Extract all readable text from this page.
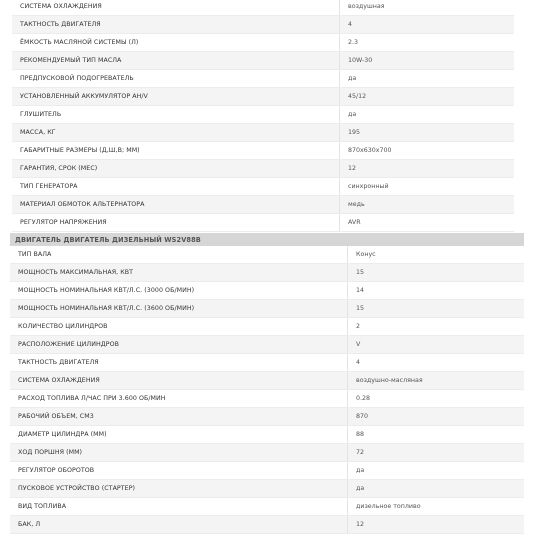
СИСТЕМА ОХЛАЖДЕНИЯ	воздушная
ТАКТНОСТЬ ДВИГАТЕЛЯ	4
ЁМКОСТЬ МАСЛЯНОЙ СИСТЕМЫ (Л)	2.3
РЕКОМЕНДУЕМЫЙ ТИП МАСЛА	10W-30
ПРЕДПУСКОВОЙ ПОДОГРЕВАТЕЛЬ	да
УСТАНОВЛЕННЫЙ АККУМУЛЯТОР АН/V	45/12
ГЛУШИТЕЛЬ	да
МАССА, КГ	195
ГАБАРИТНЫЕ РАЗМЕРЫ (Д,Ш,В; ММ)	870x630x700
ГАРАНТИЯ, СРОК (МЕС)	12
ТИП ГЕНЕРАТОРА	синхронный
МАТЕРИАЛ ОБМОТОК АЛЬТЕРНАТОРА	медь
РЕГУЛЯТОР НАПРЯЖЕНИЯ	AVR
ДВИГАТЕЛЬ ДВИГАТЕЛЬ ДИЗЕЛЬНЫЙ WS2V88B
ТИП ВАЛА	Конус
МОЩНОСТЬ МАКСИМАЛЬНАЯ, КВТ	15
МОЩНОСТЬ НОМИНАЛЬНАЯ КВТ/Л.С. (3000 ОБ/МИН)	14
МОЩНОСТЬ НОМИНАЛЬНАЯ КВТ/Л.С. (3600 ОБ/МИН)	15
КОЛИЧЕСТВО ЦИЛИНДРОВ	2
РАСПОЛОЖЕНИЕ ЦИЛИНДРОВ	V
ТАКТНОСТЬ ДВИГАТЕЛЯ	4
СИСТЕМА ОХЛАЖДЕНИЯ	воздушно-масляная
РАСХОД ТОПЛИВА Л/ЧАС ПРИ 3.600 ОБ/МИН	0.28
РАБОЧИЙ ОБЪЕМ, СМ3	870
ДИАМЕТР ЦИЛИНДРА (ММ)	88
ХОД ПОРШНЯ (ММ)	72
РЕГУЛЯТОР ОБОРОТОВ	да
ПУСКОВОЕ УСТРОЙСТВО (СТАРТЕР)	да
ВИД ТОПЛИВА	дизельное топливо
БАК, Л	12
